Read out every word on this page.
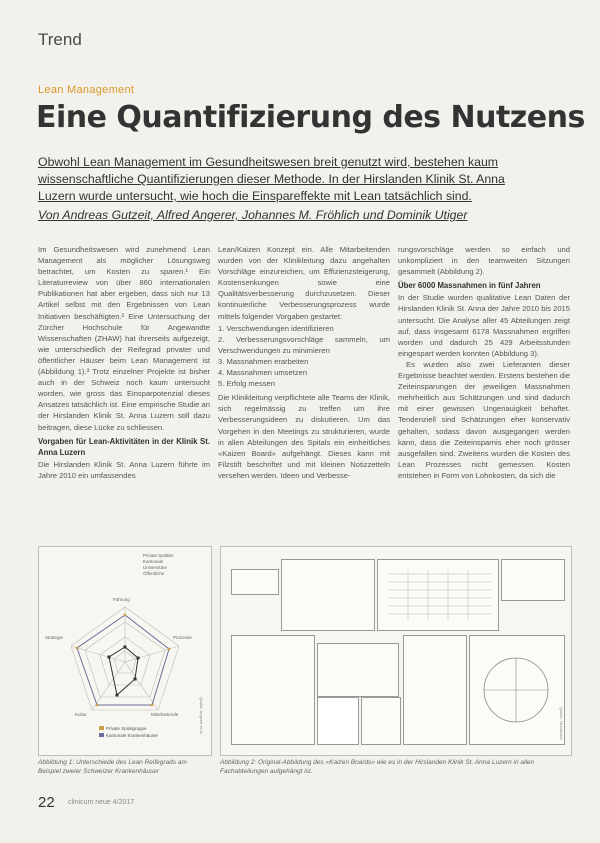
Trend
Lean Management
Eine Quantifizierung des Nutzens
Obwohl Lean Management im Gesundheitswesen breit genutzt wird, bestehen kaum
wissenschaftliche Quantifizierungen dieser Methode. In der Hirslanden Klinik St. Anna
Luzern wurde untersucht, wie hoch die Einspareffekte mit Lean tatsächlich sind.
Von Andreas Gutzeit, Alfred Angerer, Johannes M. Fröhlich und Dominik Utiger

Im Gesundheitswesen wird zunehmend Lean Management als möglicher Lösungsweg betrachtet, um Kosten zu sparen.¹ Ein Literaturreview von über 860 internationalen Publikationen hat aber ergeben, dass sich nur 13 Artikel selbst mit den Ergebnissen von Lean Initiativen beschäftigten.² Eine Untersuchung der Zürcher Hochschule für Angewandte Wissenschaften (ZHAW) hat ihrerseits aufgezeigt, wie unterschiedlich der Reifegrad privater und öffentlicher Häuser beim Lean Management ist (Abbildung 1).³ Trotz einzelner Projekte ist bisher auch in der Schweiz noch kaum untersucht worden, wie gross das Einsparpotenzial dieses Ansatzes tatsächlich ist. Eine empirische Studie an der Hirslanden Klinik St. Anna Luzern soll dazu beitragen, diese Lücke zu schliessen.

Vorgaben für Lean-Aktivitäten in der Klinik St. Anna Luzern

Die Hirslanden Klinik St. Anna Luzern führte im Jahre 2010 ein umfassendes

Lean/Kaizen Konzept ein. Alle Mitarbeitenden wurden von der Klinikleitung dazu angehalten Vorschläge einzureichen, um Effizienzsteigerung, Kostensenkungen sowie eine Qualitätsverbesserung durchzusetzen. Dieser kontinuierliche Verbesserungsprozess wurde mittels folgender Vorgaben gestartet:

1. Verschwendungen identifizieren
2. Verbesserungsvorschläge sammeln, um Verschwendungen zu minimieren
3. Massnahmen erarbeiten
4. Massnahmen umsetzen
5. Erfolg messen

Die Klinikleitung verpflichtete alle Teams der Klinik, sich regelmässig zu treffen um ihre Verbesserungsideen zu diskutieren. Um das Vorgehen in den Meetings zu strukturieren, wurde in allen Abteilungen des Spitals ein einheitliches «Kaizen Board» aufgehängt. Dieses kann mit Filzstift beschriftet und mit kleinen Notizzetteln versehen werden. Ideen und Verbesse-

rungsvorschläge werden so einfach und unkompliziert in den teamweiten Sitzungen gesammelt (Abbildung 2).

Über 6000 Massnahmen in fünf Jahren

In der Studie wurden qualitative Lean Daten der Hirslanden Klinik St. Anna der Jahre 2010 bis 2015 untersucht. Die Analyse aller 45 Abteilungen zeigt auf, dass insgesamt 6178 Massnahmen ergriffen worden und dadurch 25 429 Arbeitsstunden eingespart werden konnten (Abbildung 3).

Es wurden also zwei Lieferanten dieser Ergebnisse beachtet werden. Erstens bestehen die Zeiteinsparungen der jeweiligen Massnahmen mehrheitlich aus Schätzungen und sind dadurch mit einer gewissen Ungenauigkeit behaftet. Tendenziell sind Schätzungen eher konservativ gehalten, sodass davon ausgegangen werden kann, dass die Zeiteinsparnis eher noch grösser ausgefallen sind. Zweitens wurden die Kosten des Lean Prozesses nicht gemessen. Kosten entstehen in Form von Lohnkosten, da sich die

Private Spitäler
Kantonale
Universitäre
Öffentliche
Führung
Prozesse
Mitarbeitende
Kultur
Strategie
Private Spitalgruppe
Kantonale Krankenhäuser
Quelle: Angerer et al.	Quelle: Hirslanden
Abbildung 1: Unterschiede des Lean Reifegrads am Beispiel zweier Schweizer Krankenhäuser
Abbildung 2: Original-Abbildung des «Kaizen Boards» wie es in der Hirslanden Klinik St. Anna Luzern in allen Fachabteilungen aufgehängt ist.
22 clinicum neue 4/2017
